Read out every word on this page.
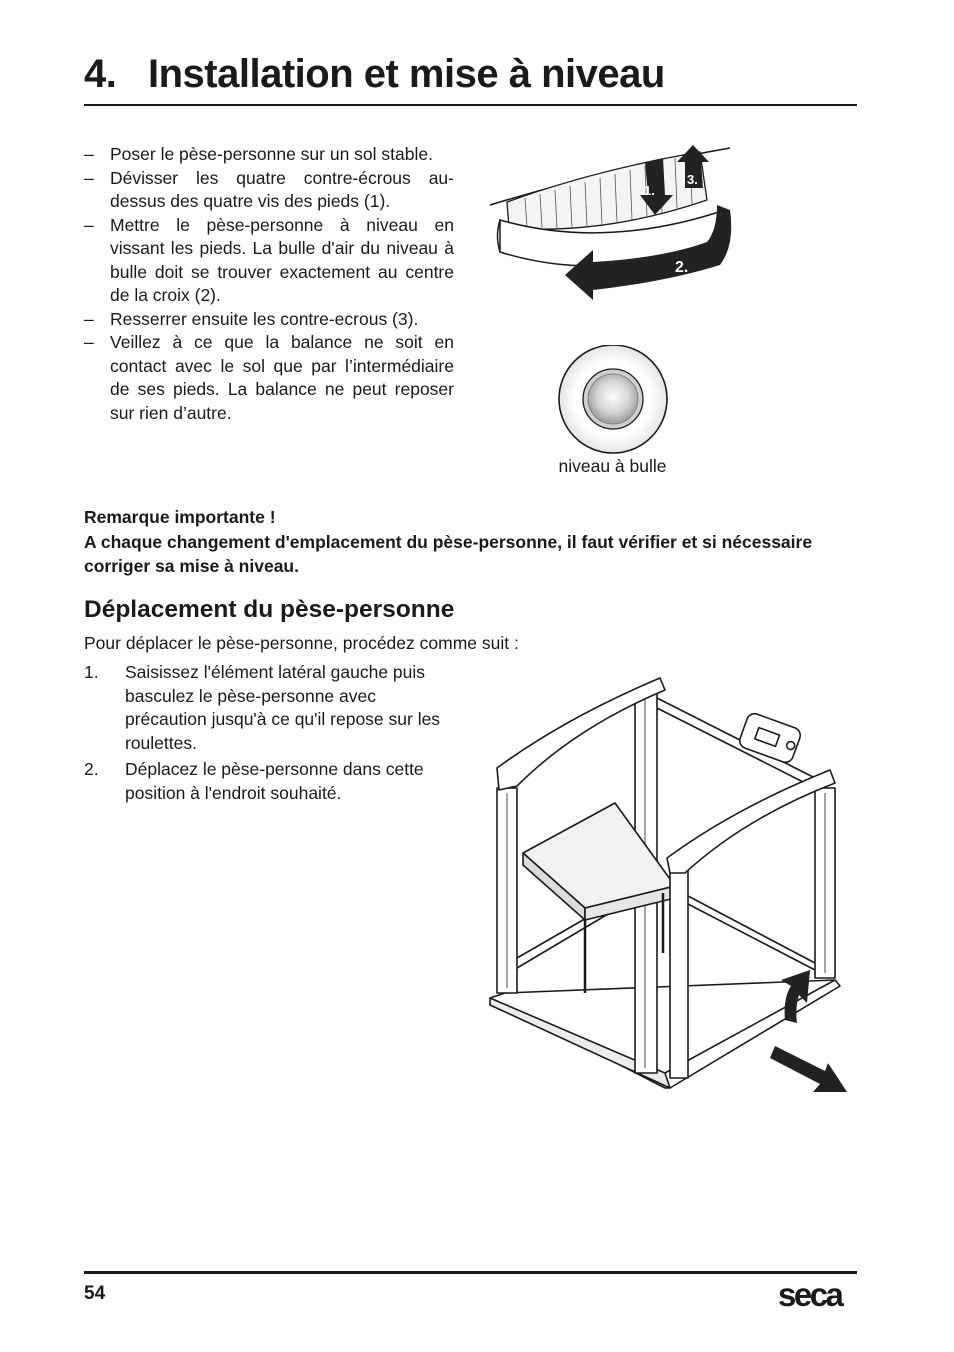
4. Installation et mise à niveau
– Poser le pèse-personne sur un sol stable.
– Dévisser les quatre contre-écrous au-dessus des quatre vis des pieds (1).
– Mettre le pèse-personne à niveau en vissant les pieds. La bulle d'air du niveau à bulle doit se trouver exactement au centre de la croix (2).
– Resserrer ensuite les contre-ecrous (3).
– Veillez à ce que la balance ne soit en contact avec le sol que par l’intermédiaire de ses pieds. La balance ne peut reposer sur rien d’autre.
1.
3.
2.
niveau à bulle

Remarque importante !

A chaque changement d'emplacement du pèse-personne, il faut vérifier et si nécessaire corriger sa mise à niveau.

Déplacement du pèse-personne
Pour déplacer le pèse-personne, procédez comme suit :
1. Saisissez l'élément latéral gauche puis basculez le pèse-personne avec précaution jusqu'à ce qu'il repose sur les roulettes.
2. Déplacez le pèse-personne dans cette position à l'endroit souhaité.
54	seca
